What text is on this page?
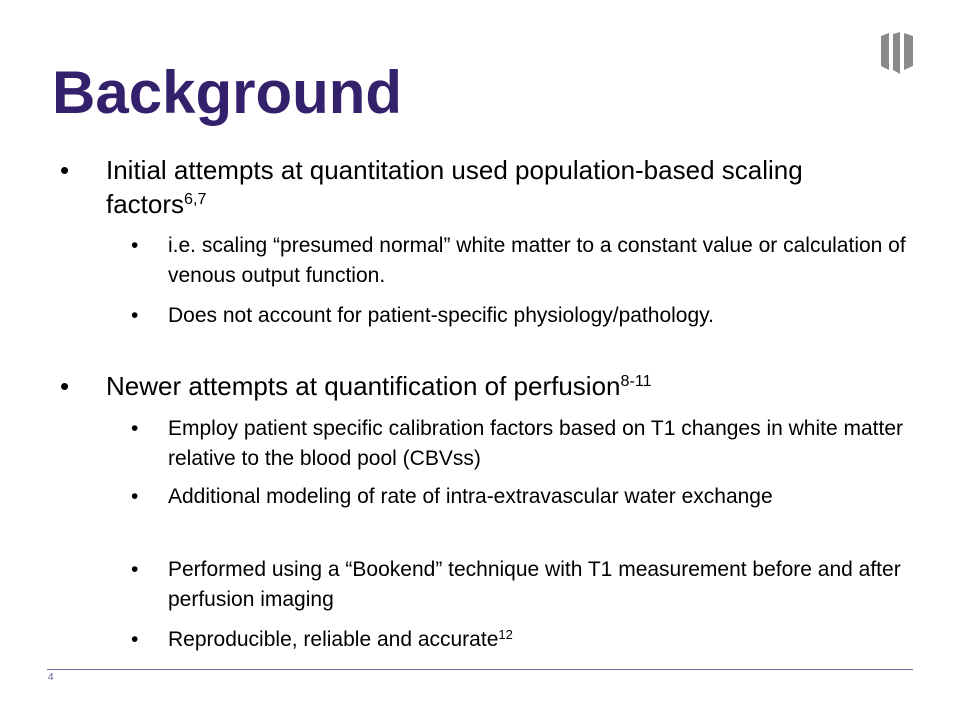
Background
• Initial attempts at quantitation used population-based scaling factors$^{6,7}$

• i.e. scaling “presumed normal” white matter to a constant value or calculation of venous output function.

• Does not account for patient-specific physiology/pathology.

• Newer attempts at quantification of perfusion$^{8-11}$

• Employ patient specific calibration factors based on T1 changes in white matter relative to the blood pool (CBVss)

• Additional modeling of rate of intra-extravascular water exchange

• Performed using a “Bookend” technique with T1 measurement before and after perfusion imaging

• Reproducible, reliable and accurate$^{12}$

4
